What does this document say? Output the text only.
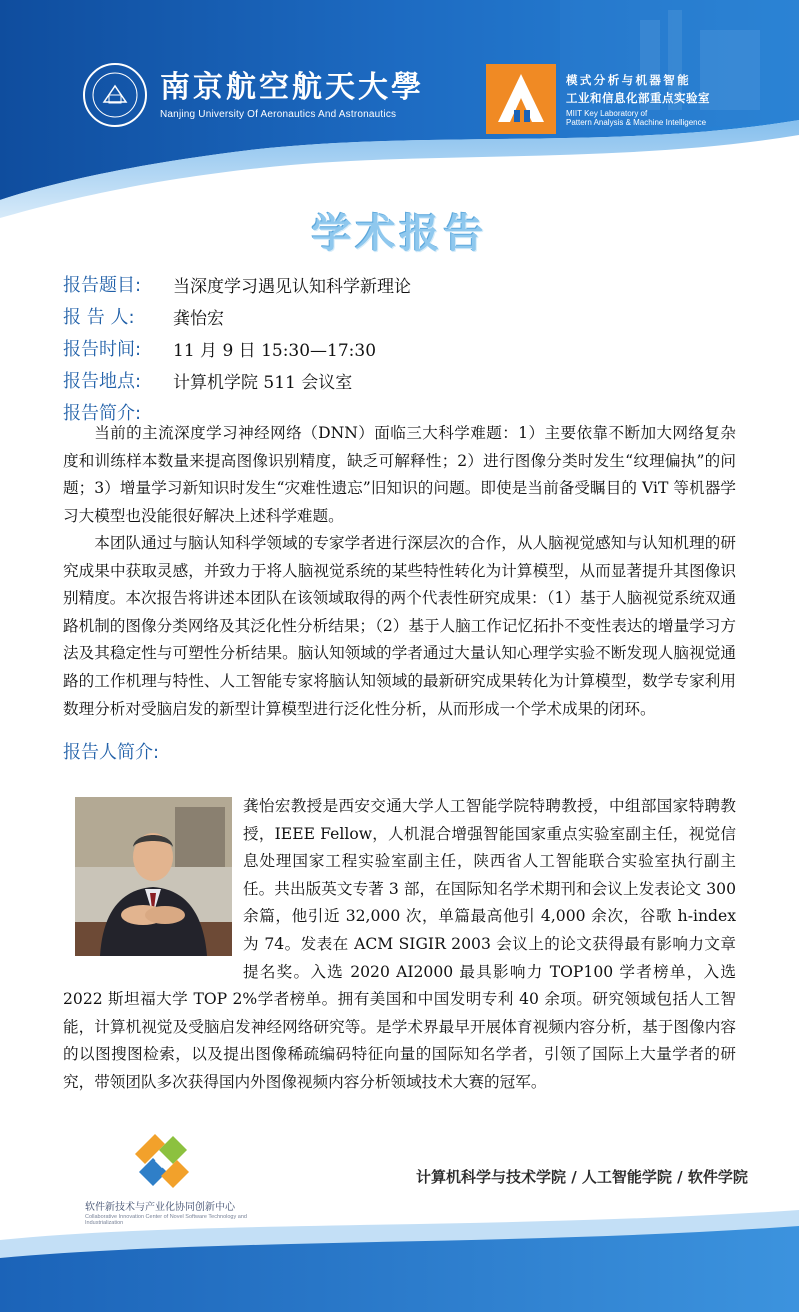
南京航空航天大學
Nanjing University Of Aeronautics And Astronautics
模式分析与机器智能
工业和信息化部重点实验室
MIIT Key Laboratory of
Pattern Analysis & Machine Intelligence
学术报告
报告题目:	当深度学习遇见认知科学新理论
报 告 人:	龚怡宏
报告时间:	11 月 9 日 15:30—17:30
报告地点:	计算机学院 511 会议室
报告简介:
当前的主流深度学习神经网络（DNN）面临三大科学难题：1）主要依靠不断加大网络复杂度和训练样本数量来提高图像识别精度，缺乏可解释性；2）进行图像分类时发生“纹理偏执”的问题；3）增量学习新知识时发生“灾难性遗忘”旧知识的问题。即使是当前备受瞩目的 ViT 等机器学习大模型也没能很好解决上述科学难题。
本团队通过与脑认知科学领域的专家学者进行深层次的合作，从人脑视觉感知与认知机理的研究成果中获取灵感，并致力于将人脑视觉系统的某些特性转化为计算模型，从而显著提升其图像识别精度。本次报告将讲述本团队在该领域取得的两个代表性研究成果：（1）基于人脑视觉系统双通路机制的图像分类网络及其泛化性分析结果；（2）基于人脑工作记忆拓扑不变性表达的增量学习方法及其稳定性与可塑性分析结果。脑认知领域的学者通过大量认知心理学实验不断发现人脑视觉通路的工作机理与特性、人工智能专家将脑认知领域的最新研究成果转化为计算模型，数学专家利用数理分析对受脑启发的新型计算模型进行泛化性分析，从而形成一个学术成果的闭环。
报告人简介:
龚怡宏教授是西安交通大学人工智能学院特聘教授，中组部国家特聘教授，IEEE Fellow，人机混合增强智能国家重点实验室副主任，视觉信息处理国家工程实验室副主任，陕西省人工智能联合实验室执行副主任。共出版英文专著 3 部，在国际知名学术期刊和会议上发表论文 300 余篇，他引近 32,000 次，单篇最高他引 4,000 余次，谷歌 h-index 为 74。发表在 ACM SIGIR 2003 会议上的论文获得最有影响力文章提名奖。入选 2020 AI2000 最具影响力 TOP100 学者榜单，入选 2022 斯坦福大学 TOP 2%学者榜单。拥有美国和中国发明专利 40 余项。研究领域包括人工智能，计算机视觉及受脑启发神经网络研究等。是学术界最早开展体育视频内容分析，基于图像内容的以图搜图检索，以及提出图像稀疏编码特征向量的国际知名学者，引领了国际上大量学者的研究，带领团队多次获得国内外图像视频内容分析领域技术大赛的冠军。
软件新技术与产业化协同创新中心
Collaborative Innovation Center of Novel Software Technology and Industrialization
计算机科学与技术学院 / 人工智能学院 / 软件学院
